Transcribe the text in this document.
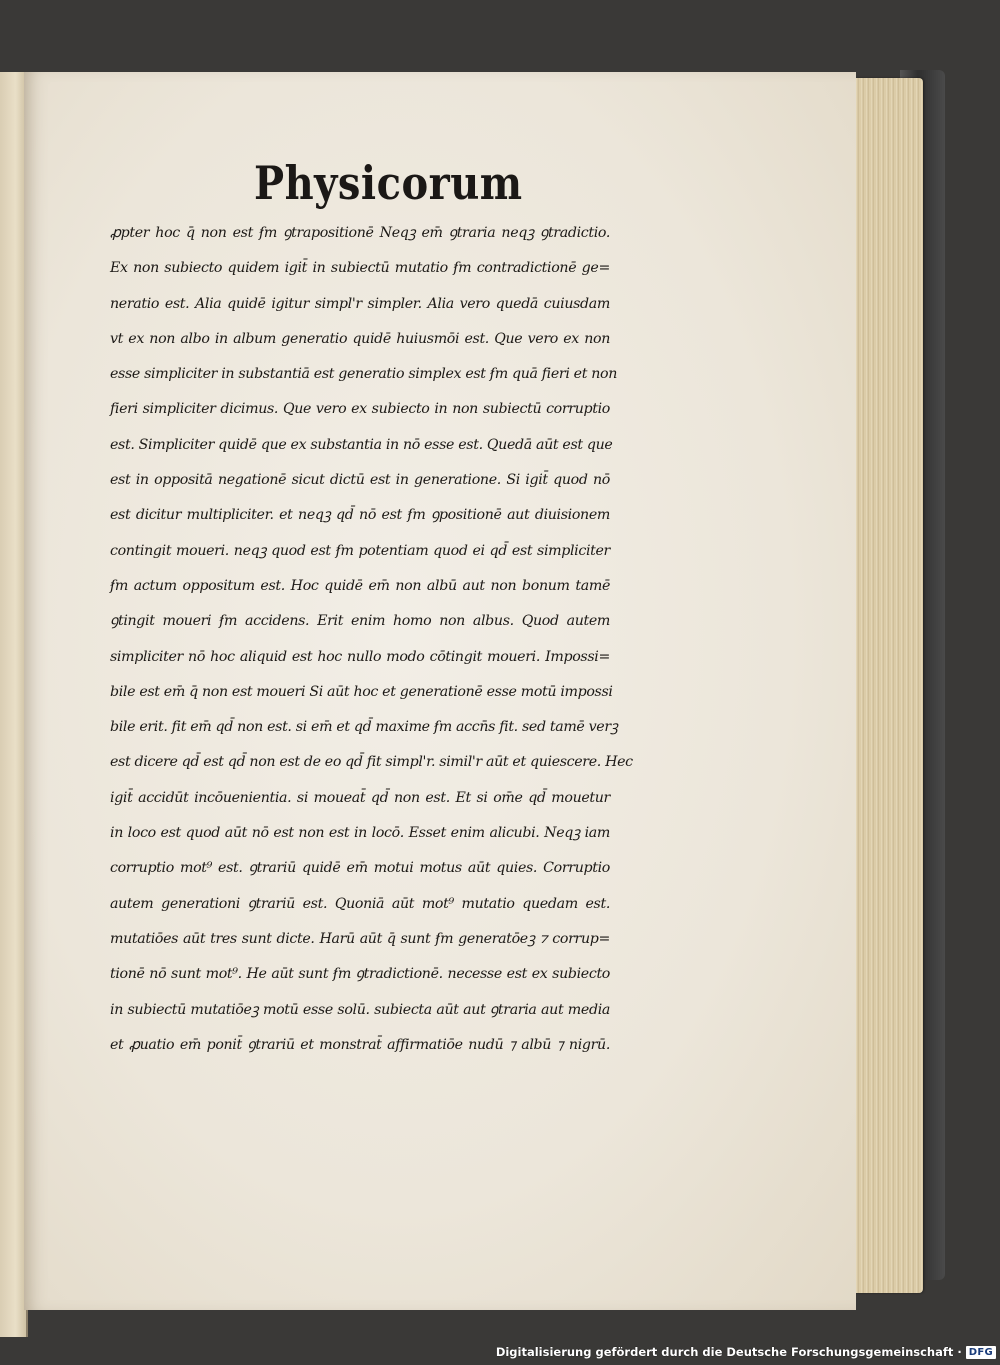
Physicorum
ꝓpter hoc q̄ non est ẜm ꝯtrapositionē Neqꝫ em̄ ꝯtraria neqꝫ ꝯtradictio.
Ex non subiecto quidem igit̄ in subiectū mutatio ẜm contradictionē ge=
neratio est. Alia quidē igitur simpl'r simpler. Alia vero quedā cuiusdam
vt ex non albo in album generatio quidē huiusmōi est. Que vero ex non
esse simpliciter in substantiā est generatio simplex est ẜm quā fieri et non
fieri simpliciter dicimus. Que vero ex subiecto in non subiectū corruptio
est. Simpliciter quidē que ex substantia in nō esse est. Quedā aūt est que
est in oppositā negationē sicut dictū est in generatione. Si igit̄ quod nō
est dicitur multipliciter. et neqꝫ qd̄ nō est ẜm ꝯpositionē aut diuisionem
contingit moueri. neqꝫ quod est ẜm potentiam quod ei qd̄ est simpliciter
ẜm actum oppositum est. Hoc quidē em̄ non albū aut non bonum tamē
ꝯtingit moueri ẜm accidens. Erit enim homo non albus. Quod autem
simpliciter nō hoc aliquid est hoc nullo modo cōtingit moueri. Impossi=
bile est em̄ q̄ non est moueri Si aūt hoc et generationē esse motū impossi
bile erit. fit em̄ qd̄ non est. si em̄ et qd̄ maxime ẜm accn̄s fit. sed tamē verꝫ
est dicere qd̄ est qd̄ non est de eo qd̄ fit simpl'r. simil'r aūt et quiescere. Hec
igit̄ accidūt incōuenientia. si moueat̄ qd̄ non est. Et si om̄e qd̄ mouetur
in loco est quod aūt nō est non est in locō. Esset enim alicubi. Neqꝫ iam
corruptio mot⁹ est. ꝯtrariū quidē em̄ motui motus aūt quies. Corruptio
autem generationi ꝯtrariū est. Quoniā aūt mot⁹ mutatio quedam est.
mutatiōes aūt tres sunt dicte. Harū aūt q̄ sunt ẜm generatōeꝫ ⁊ corrup=
tionē nō sunt mot⁹. He aūt sunt ẜm ꝯtradictionē. necesse est ex subiecto
in subiectū mutatiōeꝫ motū esse solū. subiecta aūt aut ꝯtraria aut media
et ꝓuatio em̄ ponit̄ ꝯtrariū et monstrat̄ affirmatiōe nudū ⁊ albū ⁊ nigrū.
Digitalisierung gefördert durch die Deutsche Forschungsgemeinschaft · DFG
